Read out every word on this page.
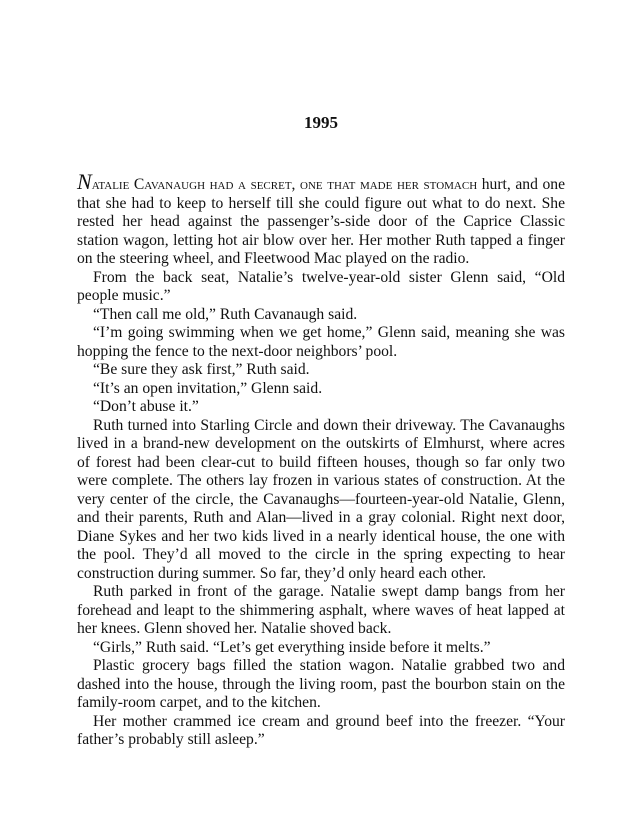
1995

Natalie Cavanaugh had a secret, one that made her stomach hurt, and one that she had to keep to herself till she could figure out what to do next. She rested her head against the passenger’s-side door of the Caprice Classic station wagon, letting hot air blow over her. Her mother Ruth tapped a finger on the steering wheel, and Fleetwood Mac played on the radio.

From the back seat, Natalie’s twelve-year-old sister Glenn said, “Old people music.”

“Then call me old,” Ruth Cavanaugh said.

“I’m going swimming when we get home,” Glenn said, meaning she was hopping the fence to the next-door neighbors’ pool.

“Be sure they ask first,” Ruth said.

“It’s an open invitation,” Glenn said.

“Don’t abuse it.”

Ruth turned into Starling Circle and down their driveway. The Cavanaughs lived in a brand-new development on the outskirts of Elmhurst, where acres of forest had been clear-cut to build fifteen houses, though so far only two were complete. The others lay frozen in various states of construction. At the very center of the circle, the Cavanaughs—fourteen-year-old Natalie, Glenn, and their parents, Ruth and Alan—lived in a gray colonial. Right next door, Diane Sykes and her two kids lived in a nearly identical house, the one with the pool. They’d all moved to the circle in the spring expecting to hear construction during summer. So far, they’d only heard each other.

Ruth parked in front of the garage. Natalie swept damp bangs from her forehead and leapt to the shimmering asphalt, where waves of heat lapped at her knees. Glenn shoved her. Natalie shoved back.

“Girls,” Ruth said. “Let’s get everything inside before it melts.”

Plastic grocery bags filled the station wagon. Natalie grabbed two and dashed into the house, through the living room, past the bourbon stain on the family-room carpet, and to the kitchen.

Her mother crammed ice cream and ground beef into the freezer. “Your father’s probably still asleep.”
